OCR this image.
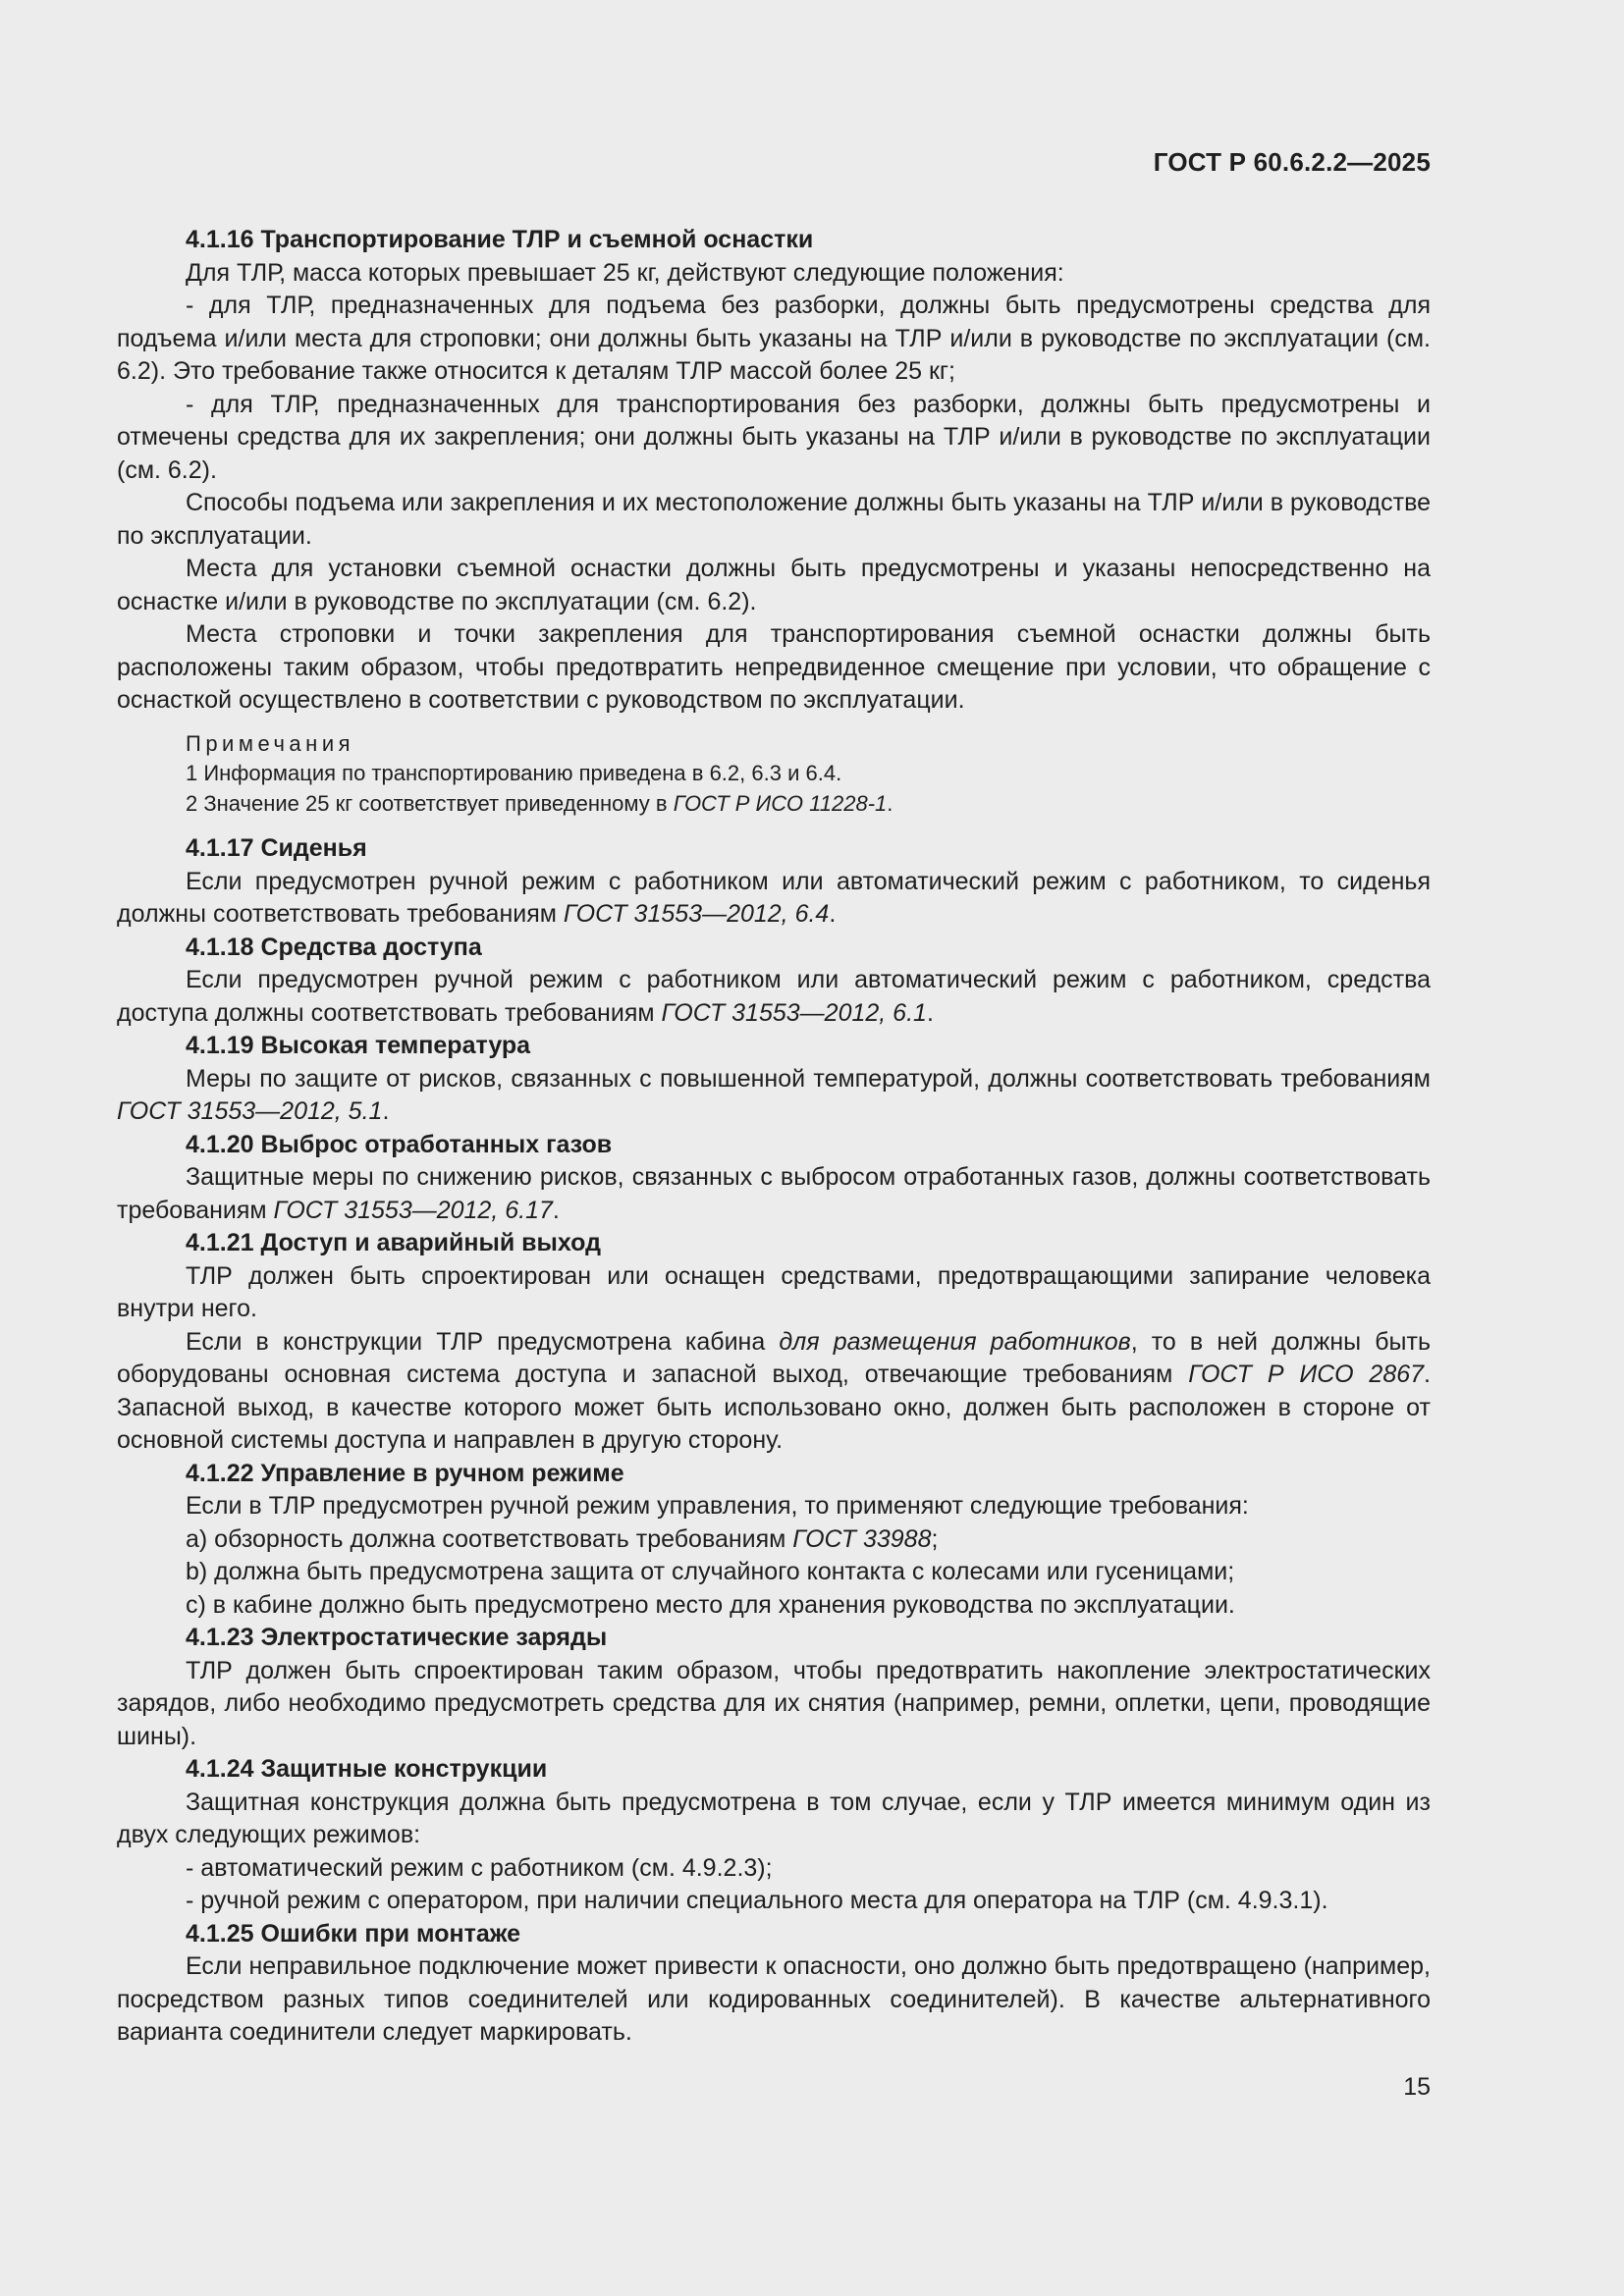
ГОСТ Р 60.6.2.2—2025
4.1.16 Транспортирование ТЛР и съемной оснастки

Для ТЛР, масса которых превышает 25 кг, действуют следующие положения:

- для ТЛР, предназначенных для подъема без разборки, должны быть предусмотрены средства для подъема и/или места для строповки; они должны быть указаны на ТЛР и/или в руководстве по эксплуатации (см. 6.2). Это требование также относится к деталям ТЛР массой более 25 кг;

- для ТЛР, предназначенных для транспортирования без разборки, должны быть предусмотрены и отмечены средства для их закрепления; они должны быть указаны на ТЛР и/или в руководстве по эксплуатации (см. 6.2).

Способы подъема или закрепления и их местоположение должны быть указаны на ТЛР и/или в руководстве по эксплуатации.

Места для установки съемной оснастки должны быть предусмотрены и указаны непосредственно на оснастке и/или в руководстве по эксплуатации (см. 6.2).

Места строповки и точки закрепления для транспортирования съемной оснастки должны быть расположены таким образом, чтобы предотвратить непредвиденное смещение при условии, что обращение с оснасткой осуществлено в соответствии с руководством по эксплуатации.

Примечания
1 Информация по транспортированию приведена в 6.2, 6.3 и 6.4.
2 Значение 25 кг соответствует приведенному в ГОСТ Р ИСО 11228-1.
4.1.17 Сиденья

Если предусмотрен ручной режим с работником или автоматический режим с работником, то сиденья должны соответствовать требованиям ГОСТ 31553—2012, 6.4.

4.1.18 Средства доступа

Если предусмотрен ручной режим с работником или автоматический режим с работником, средства доступа должны соответствовать требованиям ГОСТ 31553—2012, 6.1.

4.1.19 Высокая температура

Меры по защите от рисков, связанных с повышенной температурой, должны соответствовать требованиям ГОСТ 31553—2012, 5.1.

4.1.20 Выброс отработанных газов

Защитные меры по снижению рисков, связанных с выбросом отработанных газов, должны соответствовать требованиям ГОСТ 31553—2012, 6.17.

4.1.21 Доступ и аварийный выход

ТЛР должен быть спроектирован или оснащен средствами, предотвращающими запирание человека внутри него.

Если в конструкции ТЛР предусмотрена кабина для размещения работников, то в ней должны быть оборудованы основная система доступа и запасной выход, отвечающие требованиям ГОСТ Р ИСО 2867. Запасной выход, в качестве которого может быть использовано окно, должен быть расположен в стороне от основной системы доступа и направлен в другую сторону.

4.1.22 Управление в ручном режиме

Если в ТЛР предусмотрен ручной режим управления, то применяют следующие требования:

a) обзорность должна соответствовать требованиям ГОСТ 33988;

b) должна быть предусмотрена защита от случайного контакта с колесами или гусеницами;

c) в кабине должно быть предусмотрено место для хранения руководства по эксплуатации.

4.1.23 Электростатические заряды

ТЛР должен быть спроектирован таким образом, чтобы предотвратить накопление электростатических зарядов, либо необходимо предусмотреть средства для их снятия (например, ремни, оплетки, цепи, проводящие шины).

4.1.24 Защитные конструкции

Защитная конструкция должна быть предусмотрена в том случае, если у ТЛР имеется минимум один из двух следующих режимов:

- автоматический режим с работником (см. 4.9.2.3);

- ручной режим с оператором, при наличии специального места для оператора на ТЛР (см. 4.9.3.1).

4.1.25 Ошибки при монтаже

Если неправильное подключение может привести к опасности, оно должно быть предотвращено (например, посредством разных типов соединителей или кодированных соединителей). В качестве альтернативного варианта соединители следует маркировать.

15
